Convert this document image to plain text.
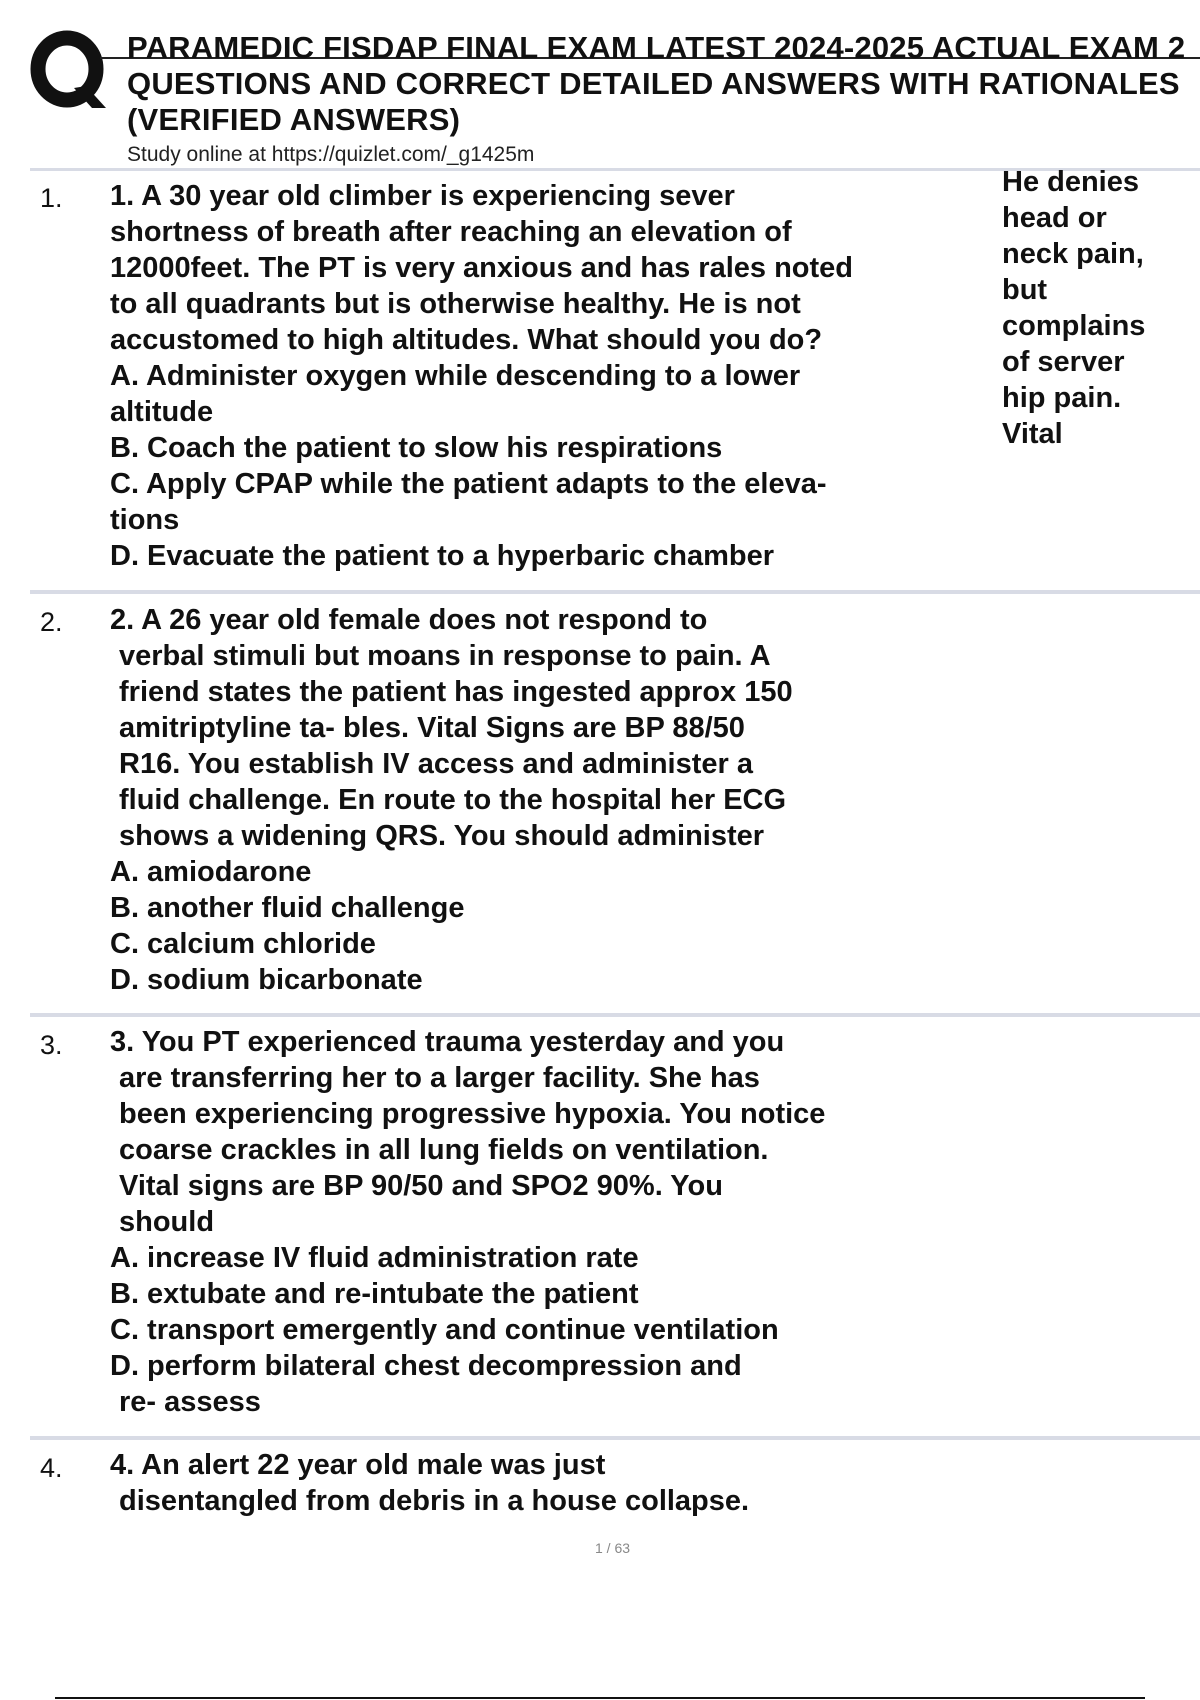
PARAMEDIC FISDAP FINAL EXAM LATEST 2024-2025 ACTUAL EXAM 2
QUESTIONS AND CORRECT DETAILED ANSWERS WITH RATIONALES
(VERIFIED ANSWERS)
Study online at https://quizlet.com/_g1425m
1. 1. A 30 year old climber is experiencing sever
shortness of breath after reaching an elevation of
12000feet. The PT is very anxious and has rales noted
to all quadrants but is otherwise healthy. He is not
accustomed to high altitudes. What should you do?
A. Administer oxygen while descending to a lower
altitude
B. Coach the patient to slow his respirations
C. Apply CPAP while the patient adapts to the eleva-
tions
D. Evacuate the patient to a hyperbaric chamber
He denies
head or
neck pain,
but
complains
of server
hip pain.
Vital
2. 2. A 26 year old female does not respond to
verbal stimuli but moans in response to pain. A
friend states the patient has ingested approx 150
amitriptyline ta- bles. Vital Signs are BP 88/50
R16. You establish IV access and administer a
fluid challenge. En route to the hospital her ECG
shows a widening QRS. You should administer
A. amiodarone
B. another fluid challenge
C. calcium chloride
D. sodium bicarbonate
3. 3. You PT experienced trauma yesterday and you
are transferring her to a larger facility. She has
been experiencing progressive hypoxia. You notice
coarse crackles in all lung fields on ventilation.
Vital signs are BP 90/50 and SPO2 90%. You
should
A. increase IV fluid administration rate
B. extubate and re-intubate the patient
C. transport emergently and continue ventilation
D. perform bilateral chest decompression and
re- assess
4. 4. An alert 22 year old male was just
disentangled from debris in a house collapse.
1 / 63
